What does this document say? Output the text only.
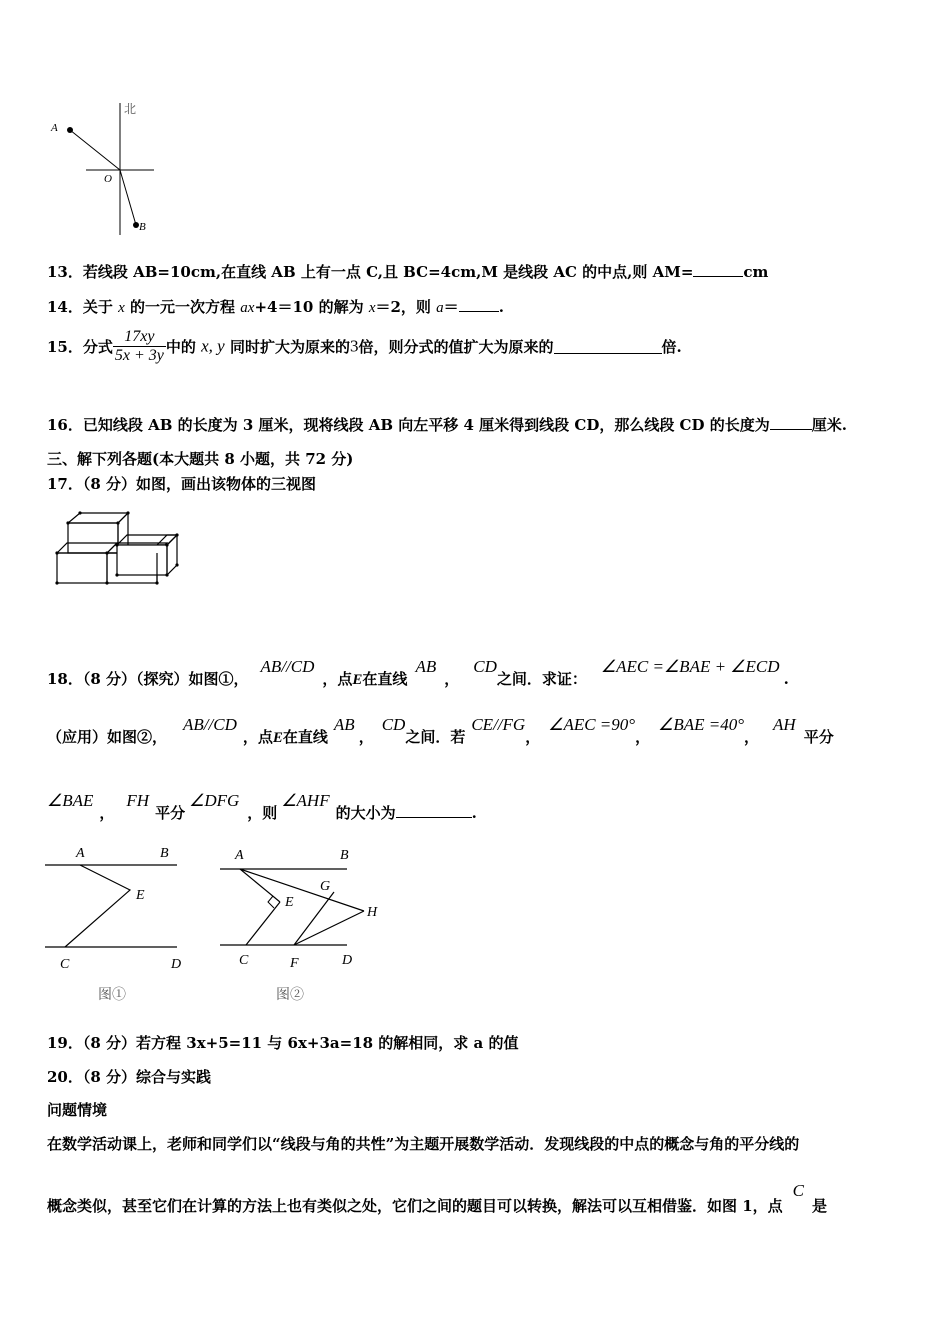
北
A
O
B
13．若线段 AB=10cm,在直线 AB 上有一点 C,且 BC=4cm,M 是线段 AC 的中点,则 AM=	cm
14．关于 x 的一元一次方程 ax+4＝10 的解为 x＝2，则 a＝	.
15．分式 $\frac{17xy}{5x + 3y}$ 中的 x, y 同时扩大为原来的3倍，则分式的值扩大为原来的	倍.
16．已知线段 AB 的长度为 3 厘米，现将线段 AB 向左平移 4 厘米得到线段 CD，那么线段 CD 的长度为	厘米.
三、解下列各题(本大题共 8 小题，共 72 分)
17．（8 分）如图，画出该物体的三视图
18．（8 分）（探究）如图①，AB//CD，点E在直线AB，CD之间．求证：∠AEC =∠BAE + ∠ECD.
（应用）如图②，AB//CD，点E在直线AB，CD之间．若CE//FG，∠AEC =90°，∠BAE =40°，AH平分
∠BAE，FH平分∠DFG，则∠AHF的大小为	.
A	B
E
C	D
图①
A	B
G
E
H
C	F	D
图②
19．（8 分）若方程 3x+5=11 与 6x+3a=18 的解相同，求 a 的值
20．（8 分）综合与实践
问题情境
在数学活动课上，老师和同学们以“线段与角的共性”为主题开展数学活动．发现线段的中点的概念与角的平分线的
概念类似，甚至它们在计算的方法上也有类似之处，它们之间的题目可以转换，解法可以互相借鉴．如图 1，点C是
